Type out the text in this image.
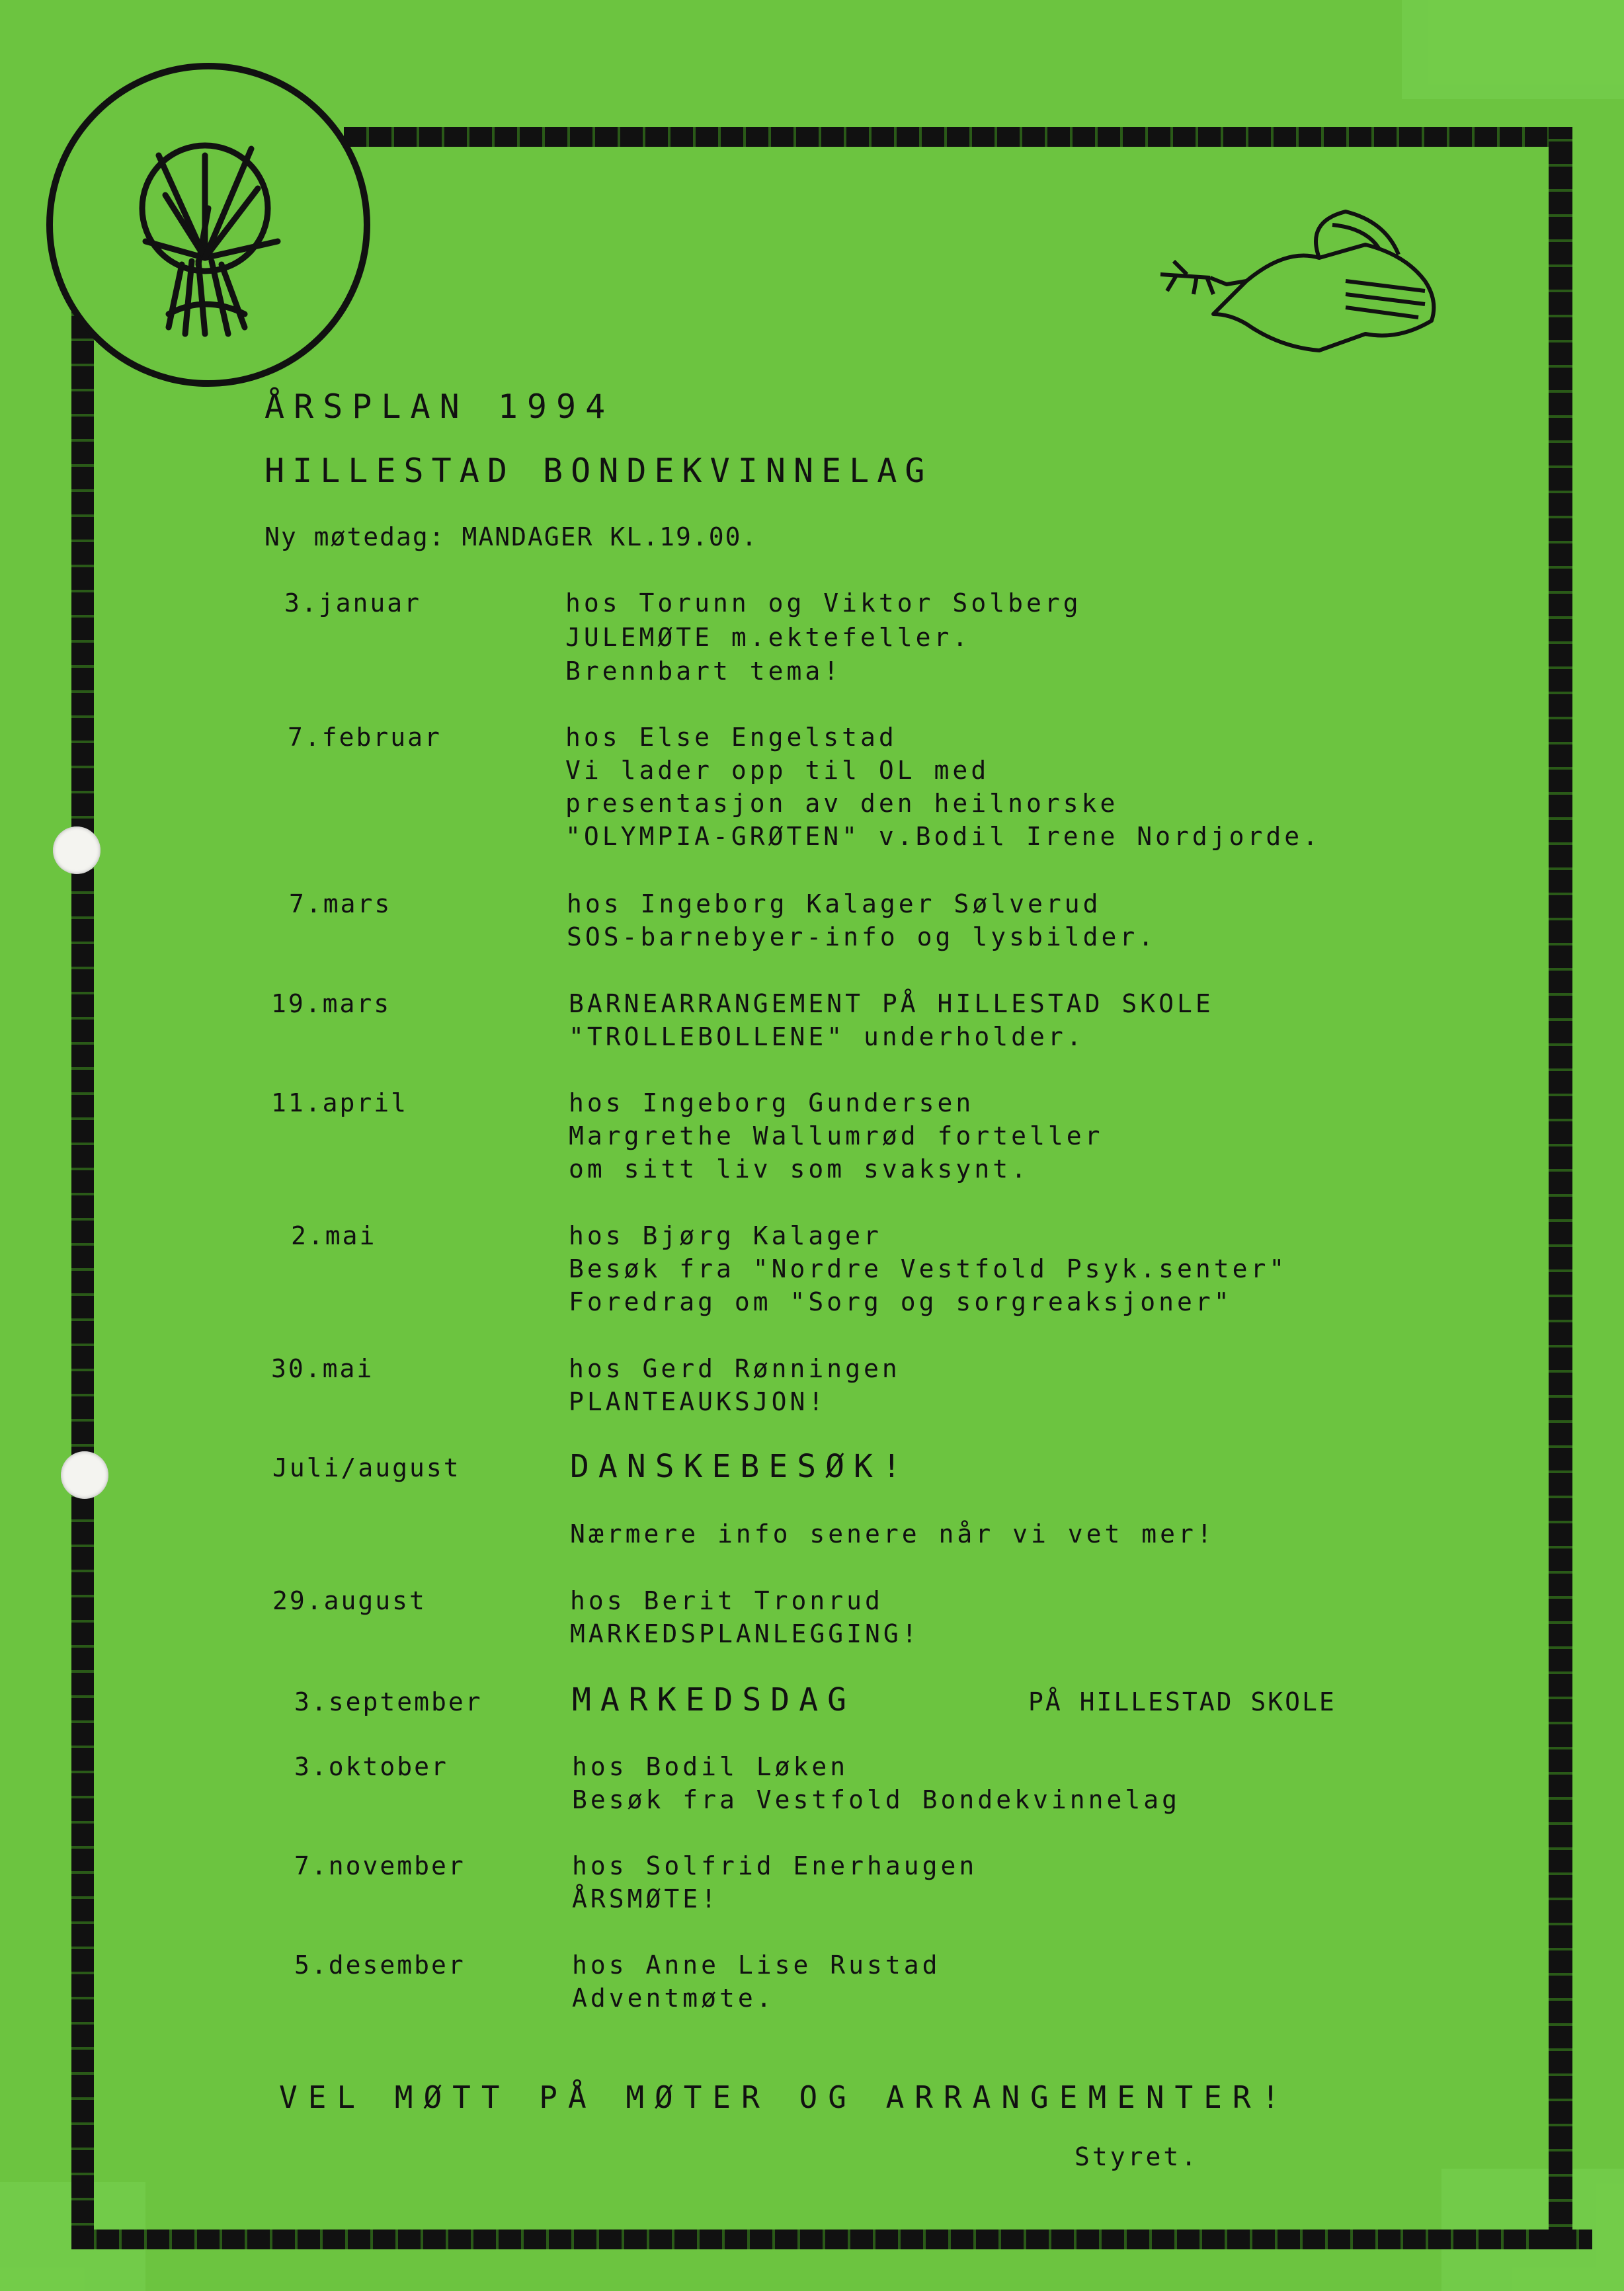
ÅRSPLAN 1994
HILLESTAD BONDEKVINNELAG
Ny møtedag: MANDAGER KL.19.00.
3.januar	hos Torunn og Viktor Solberg
JULEMØTE m.ektefeller.
Brennbart tema!
7.februar	hos Else Engelstad
Vi lader opp til OL med
presentasjon av den heilnorske
"OLYMPIA-GRØTEN" v.Bodil Irene Nordjorde.
7.mars	hos Ingeborg Kalager Sølverud
SOS-barnebyer-info og lysbilder.
19.mars	BARNEARRANGEMENT PÅ HILLESTAD SKOLE
"TROLLEBOLLENE" underholder.
11.april	hos Ingeborg Gundersen
Margrethe Wallumrød forteller
om sitt liv som svaksynt.
2.mai	hos Bjørg Kalager
Besøk fra "Nordre Vestfold Psyk.senter"
Foredrag om "Sorg og sorgreaksjoner"
30.mai	hos Gerd Rønningen
PLANTEAUKSJON!
Juli/august	DANSKEBESØK!
Nærmere info senere når vi vet mer!
29.august	hos Berit Tronrud
MARKEDSPLANLEGGING!
3.september	MARKEDSDAG	PÅ HILLESTAD SKOLE
3.oktober	hos Bodil Løken
Besøk fra Vestfold Bondekvinnelag
7.november	hos Solfrid Enerhaugen
ÅRSMØTE!
5.desember	hos Anne Lise Rustad
Adventmøte.
VEL MØTT PÅ MØTER OG ARRANGEMENTER!
Styret.
